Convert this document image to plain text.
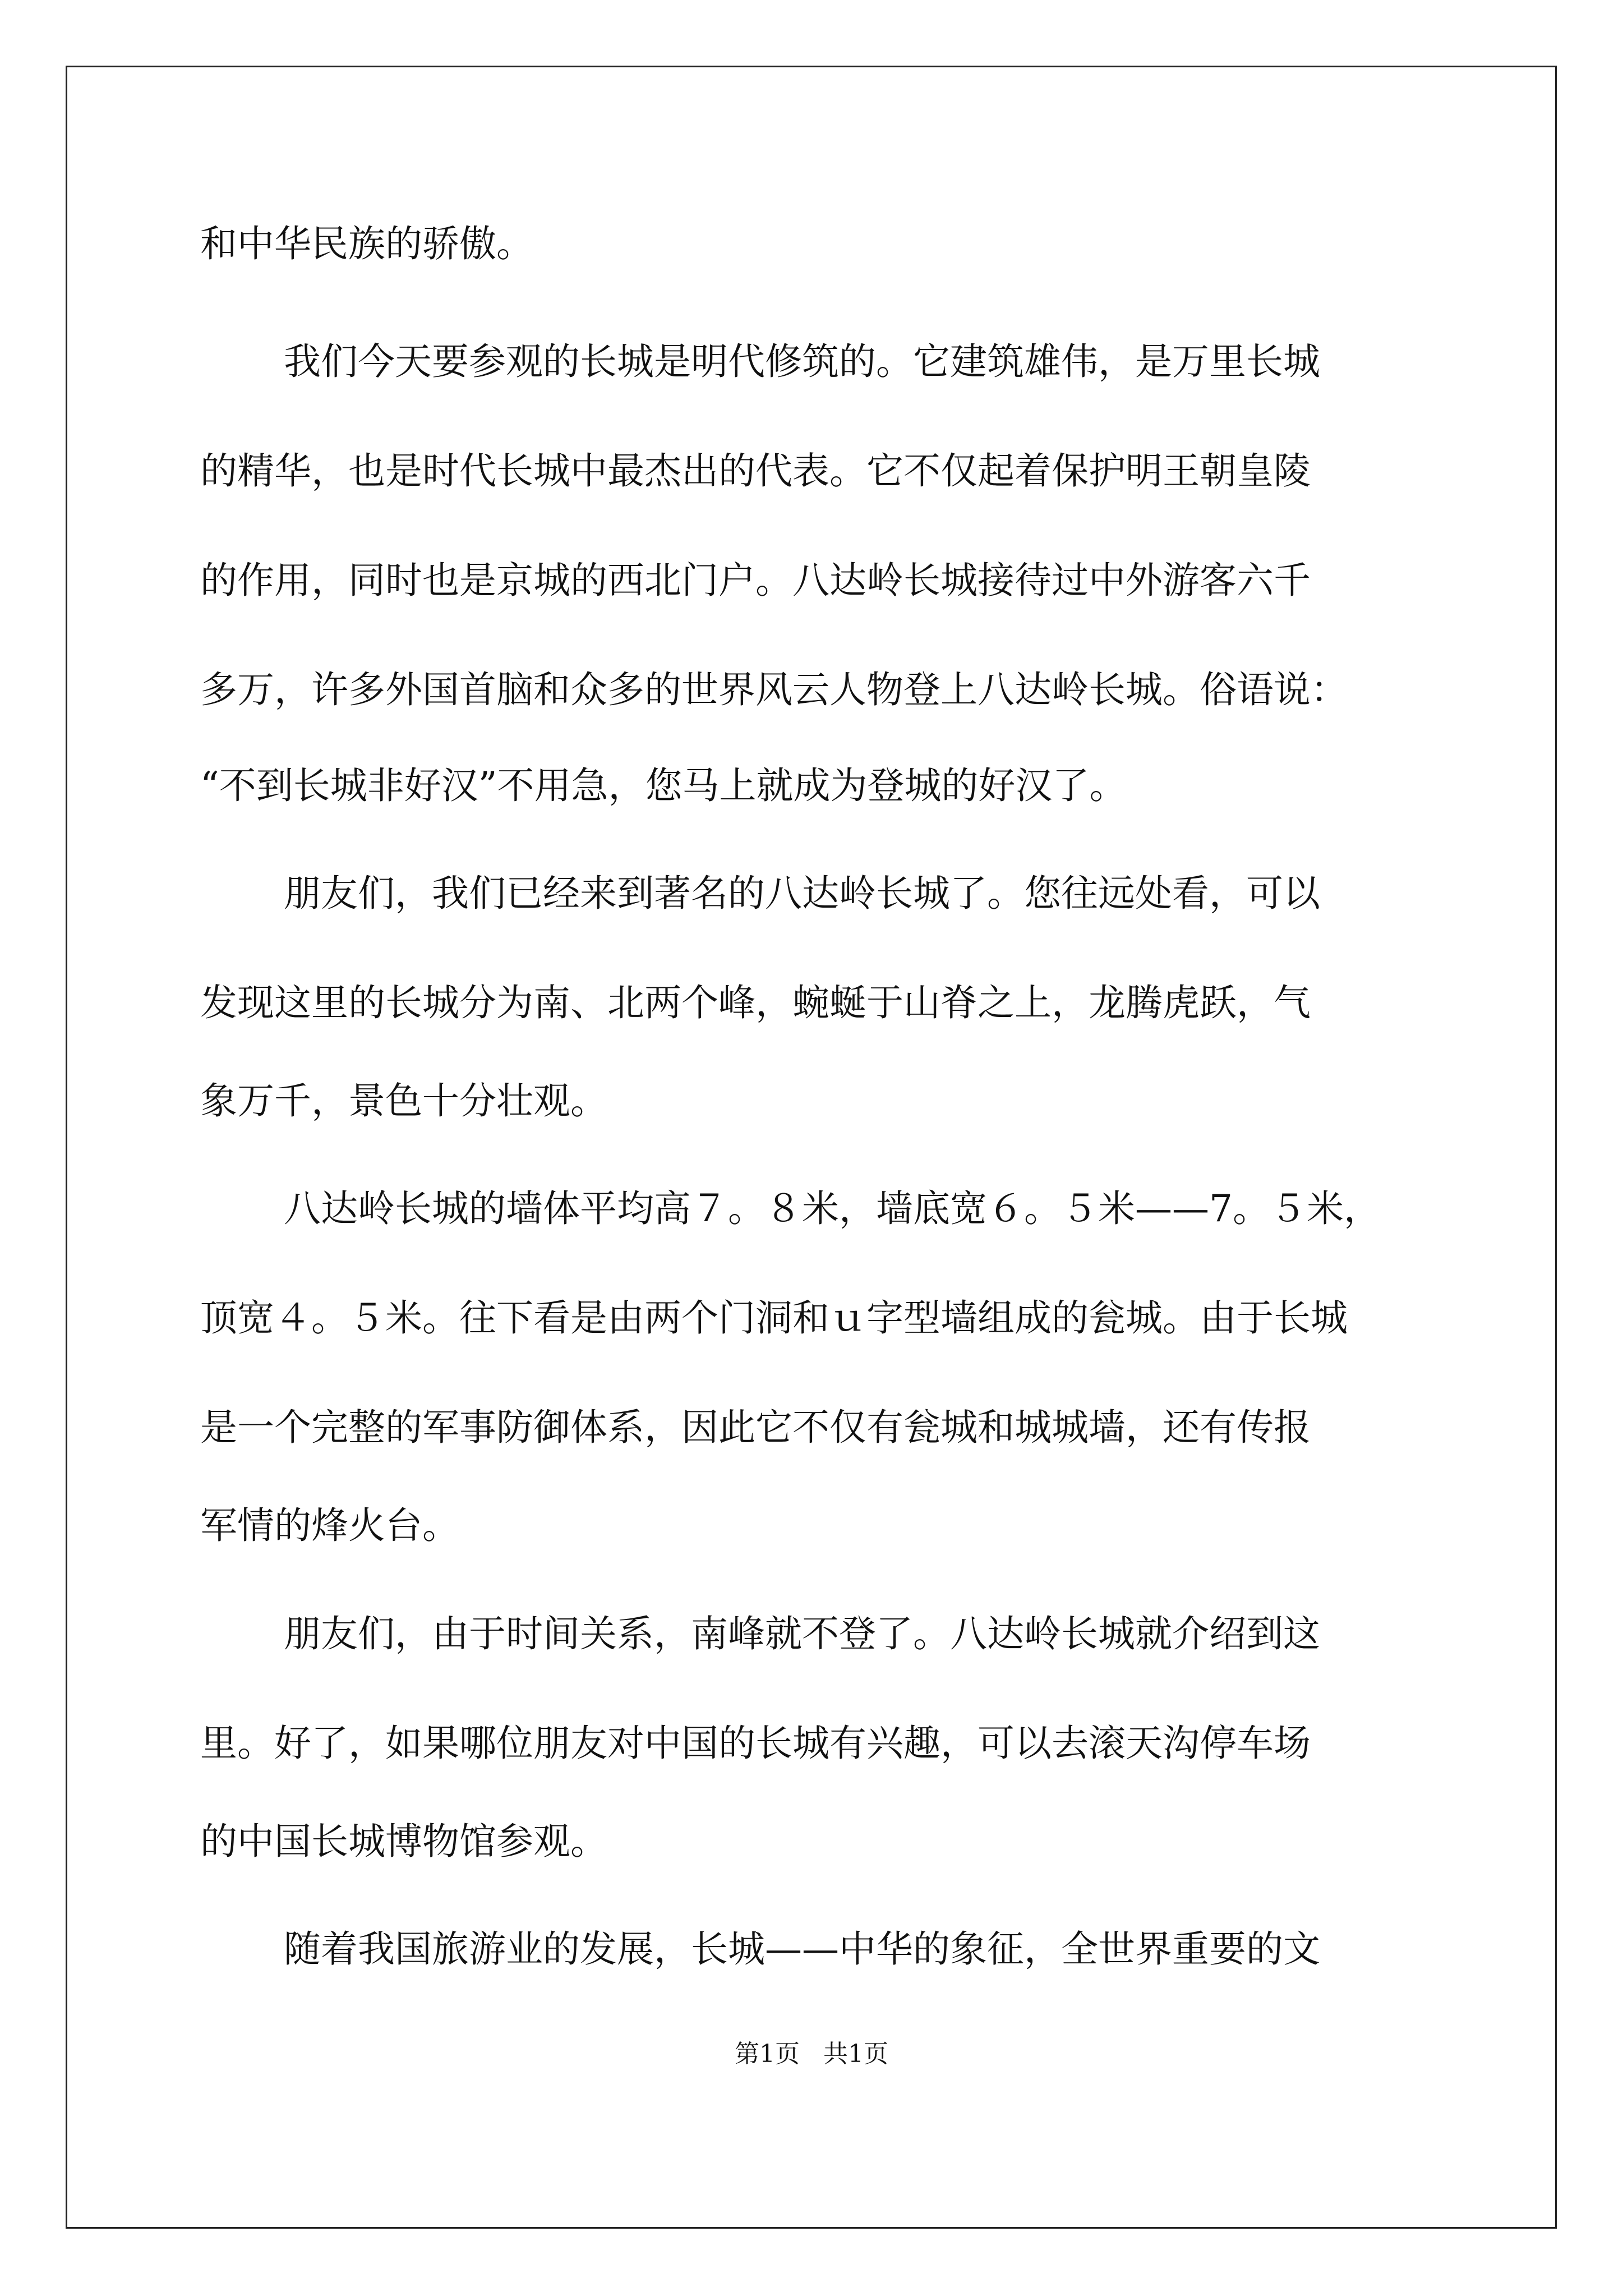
和中华民族的骄傲。
我们今天要参观的长城是明代修筑的。它建筑雄伟，是万里长城
的精华，也是时代长城中最杰出的代表。它不仅起着保护明王朝皇陵
的作用，同时也是京城的西北门户。八达岭长城接待过中外游客六千
多万，许多外国首脑和众多的世界风云人物登上八达岭长城。俗语说：
“不到长城非好汉”不用急，您马上就成为登城的好汉了。
朋友们，我们已经来到著名的八达岭长城了。您往远处看，可以
发现这里的长城分为南、北两个峰，蜿蜒于山脊之上，龙腾虎跃，气
象万千，景色十分壮观。
八达岭长城的墙体平均高７。８米，墙底宽６。５米——7。５米，
顶宽４。５米。往下看是由两个门洞和ｕ字型墙组成的瓮城。由于长城
是一个完整的军事防御体系，因此它不仅有瓮城和城城墙，还有传报
军情的烽火台。
朋友们，由于时间关系，南峰就不登了。八达岭长城就介绍到这
里。好了，如果哪位朋友对中国的长城有兴趣，可以去滚天沟停车场
的中国长城博物馆参观。
随着我国旅游业的发展，长城——中华的象征，全世界重要的文
第1页   共1页
